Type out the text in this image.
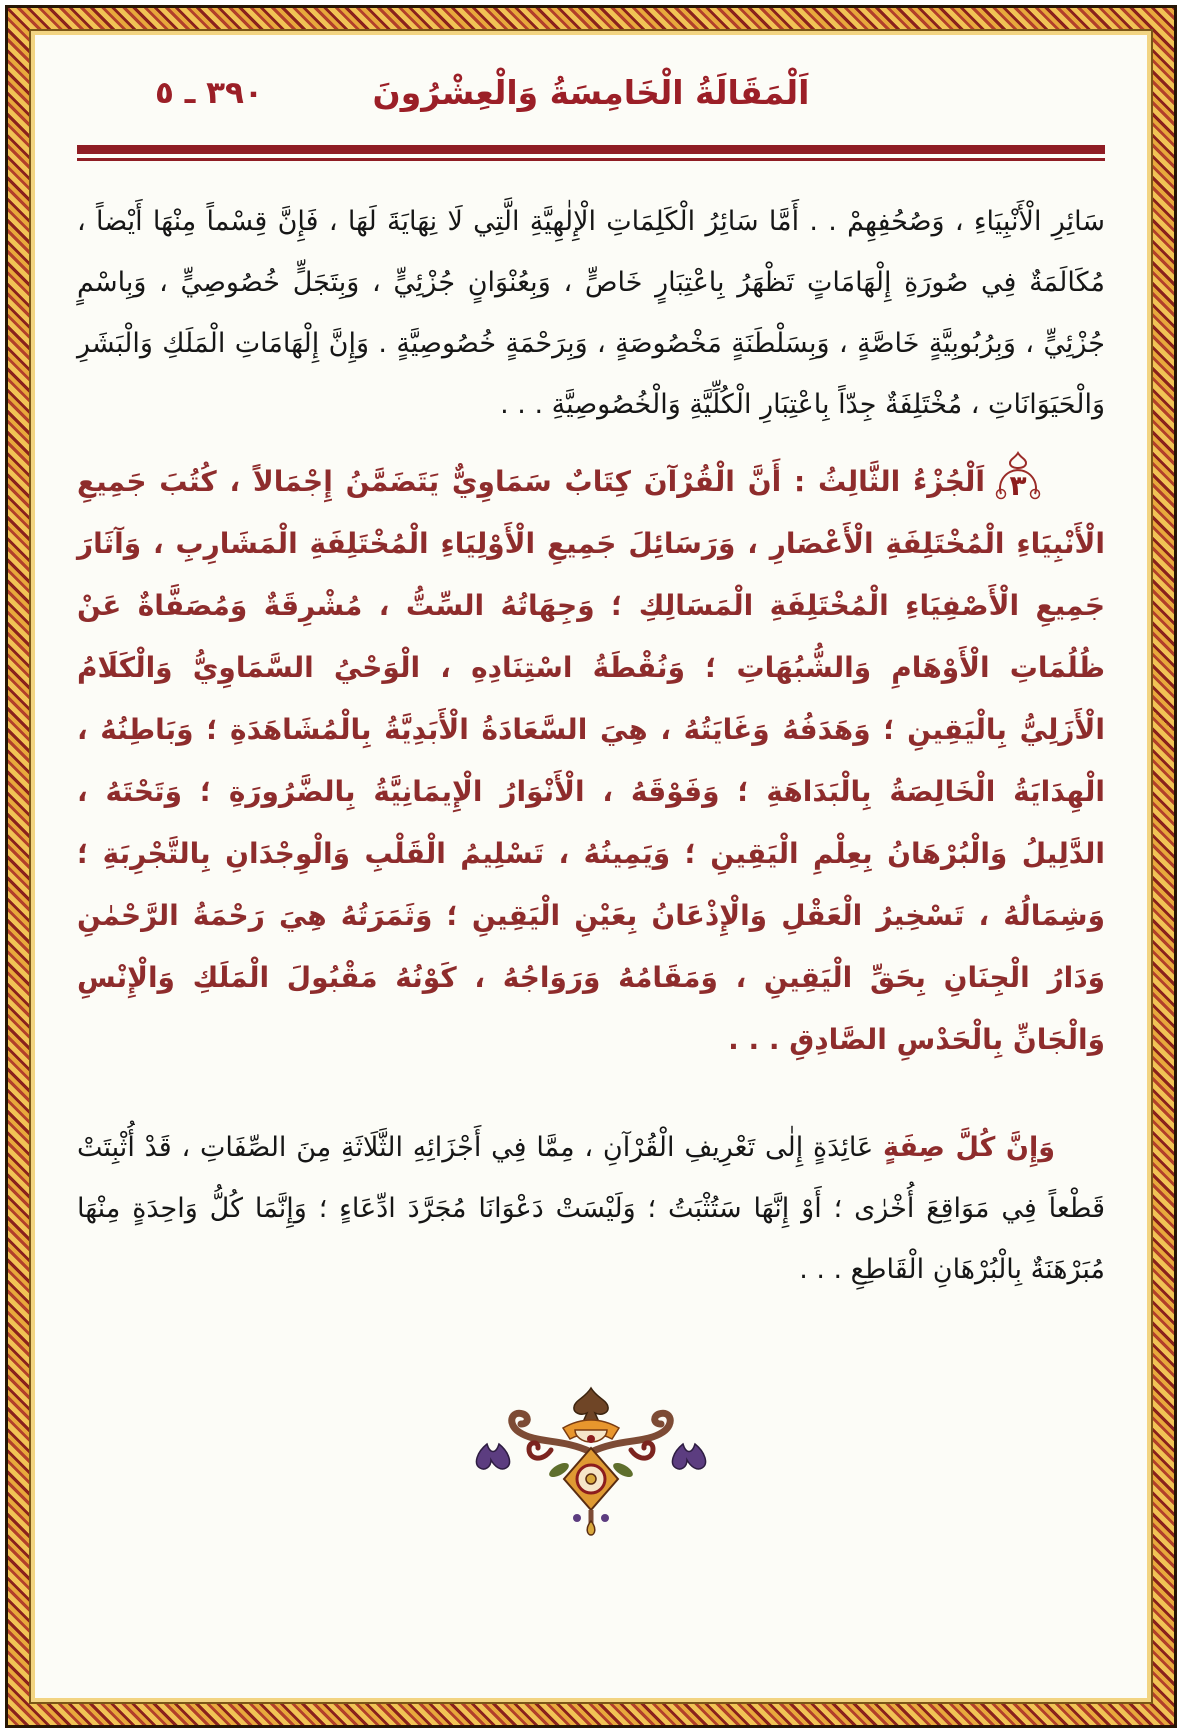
٣٩٠ ـ ٥	اَلْمَقَالَةُ الْخَامِسَةُ وَالْعِشْرُونَ

سَائِرِ الْأَنْبِيَاءِ ، وَصُحُفِهِمْ . . أَمَّا سَائِرُ الْكَلِمَاتِ الْإِلٰهِيَّةِ الَّتِي لَا نِهَايَةَ لَهَا ، فَإِنَّ قِسْماً مِنْهَا أَيْضاً ، مُكَالَمَةٌ فِي صُورَةِ إِلْهَامَاتٍ تَظْهَرُ بِاعْتِبَارٍ خَاصٍّ ، وَبِعُنْوَانٍ جُزْئِيٍّ ، وَبِتَجَلٍّ خُصُوصِيٍّ ، وَبِاسْمٍ جُزْئِيٍّ ، وَبِرُبُوبِيَّةٍ خَاصَّةٍ ، وَبِسَلْطَنَةٍ مَخْصُوصَةٍ ، وَبِرَحْمَةٍ خُصُوصِيَّةٍ . وَإِنَّ إِلْهَامَاتِ الْمَلَكِ وَالْبَشَرِ وَالْحَيَوَانَاتِ ، مُخْتَلِفَةٌ جِدّاً بِاعْتِبَارِ الْكُلِّيَّةِ وَالْخُصُوصِيَّةِ . . .

٣
اَلْجُزْءُ الثَّالِثُ : أَنَّ الْقُرْآنَ كِتَابٌ سَمَاوِيٌّ يَتَضَمَّنُ إِجْمَالاً ، كُتُبَ جَمِيعِ الْأَنْبِيَاءِ الْمُخْتَلِفَةِ الْأَعْصَارِ ، وَرَسَائِلَ جَمِيعِ الْأَوْلِيَاءِ الْمُخْتَلِفَةِ الْمَشَارِبِ ، وَآثَارَ جَمِيعِ الْأَصْفِيَاءِ الْمُخْتَلِفَةِ الْمَسَالِكِ ؛ وَجِهَاتُهُ السِّتُّ ، مُشْرِقَةٌ وَمُصَفَّاةٌ عَنْ ظُلُمَاتِ الْأَوْهَامِ وَالشُّبُهَاتِ ؛ وَنُقْطَةُ اسْتِنَادِهِ ، الْوَحْيُ السَّمَاوِيُّ وَالْكَلَامُ الْأَزَلِيُّ بِالْيَقِينِ ؛ وَهَدَفُهُ وَغَايَتُهُ ، هِيَ السَّعَادَةُ الْأَبَدِيَّةُ بِالْمُشَاهَدَةِ ؛ وَبَاطِنُهُ ، الْهِدَايَةُ الْخَالِصَةُ بِالْبَدَاهَةِ ؛ وَفَوْقَهُ ، الْأَنْوَارُ الْإِيمَانِيَّةُ بِالضَّرُورَةِ ؛ وَتَحْتَهُ ، الدَّلِيلُ وَالْبُرْهَانُ بِعِلْمِ الْيَقِينِ ؛ وَيَمِينُهُ ، تَسْلِيمُ الْقَلْبِ وَالْوِجْدَانِ بِالتَّجْرِبَةِ ؛ وَشِمَالُهُ ، تَسْخِيرُ الْعَقْلِ وَالْإِذْعَانُ بِعَيْنِ الْيَقِينِ ؛ وَثَمَرَتُهُ هِيَ رَحْمَةُ الرَّحْمٰنِ وَدَارُ الْجِنَانِ بِحَقِّ الْيَقِينِ ، وَمَقَامُهُ وَرَوَاجُهُ ، كَوْنُهُ مَقْبُولَ الْمَلَكِ وَالْإِنْسِ وَالْجَانِّ بِالْحَدْسِ الصَّادِقِ . . .

وَإِنَّ كُلَّ صِفَةٍ عَائِدَةٍ إِلٰى تَعْرِيفِ الْقُرْآنِ ، مِمَّا فِي أَجْزَائِهِ الثَّلَاثَةِ مِنَ الصِّفَاتِ ، قَدْ أُثْبِتَتْ قَطْعاً فِي مَوَاقِعَ أُخْرٰى ؛ أَوْ إِنَّهَا سَتُثْبَتُ ؛ وَلَيْسَتْ دَعْوَانَا مُجَرَّدَ ادِّعَاءٍ ؛ وَإِنَّمَا كُلُّ وَاحِدَةٍ مِنْهَا مُبَرْهَنَةٌ بِالْبُرْهَانِ الْقَاطِعِ . . .
